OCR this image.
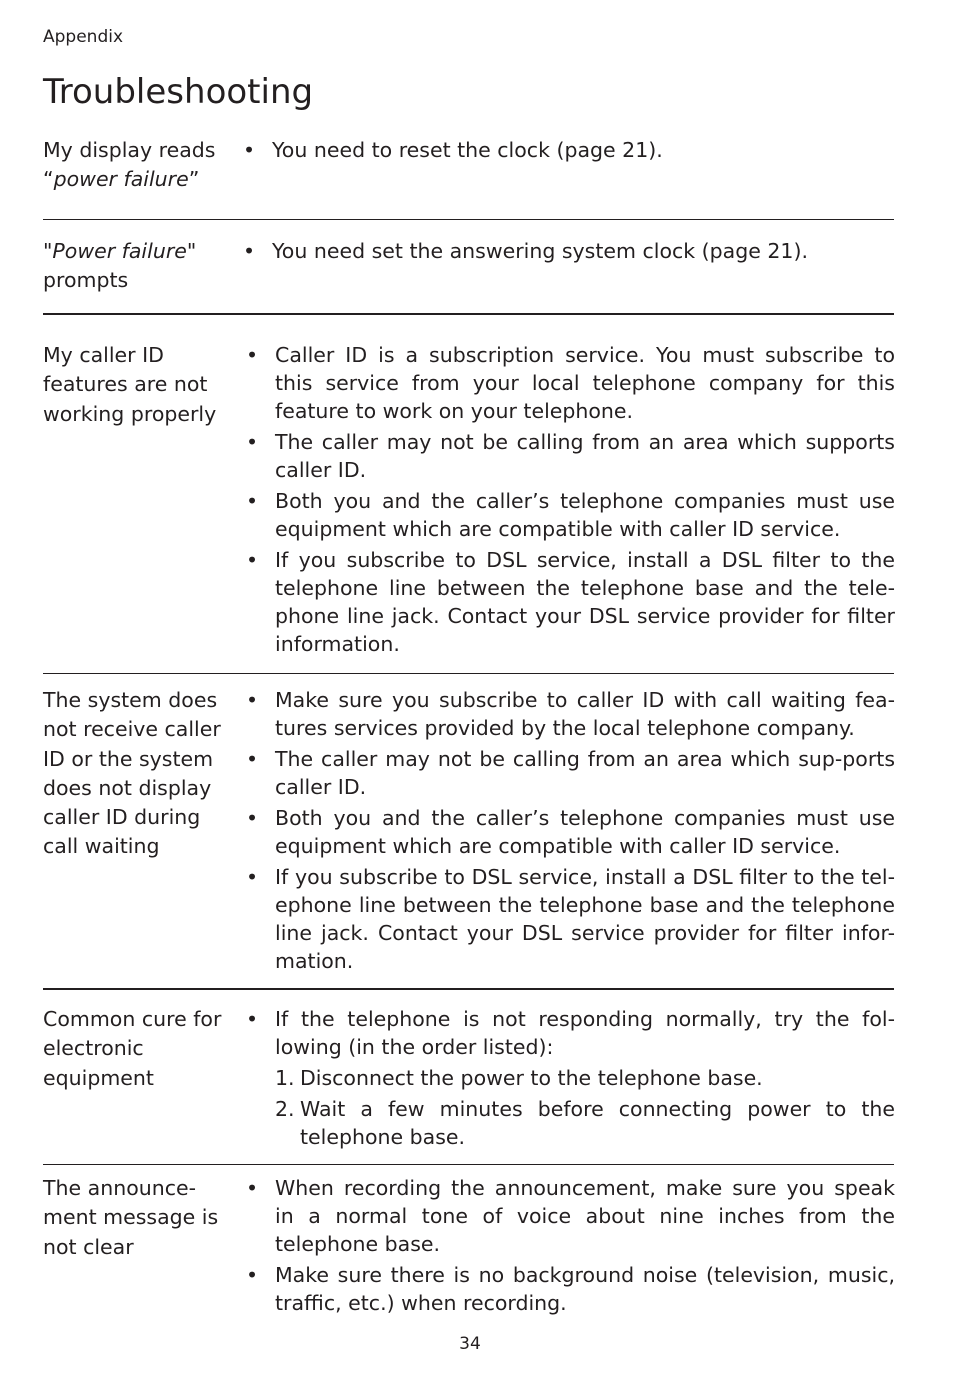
Appendix
Troubleshooting
My display reads
“power failure”
• You need to reset the clock (page 21).
"Power failure"
prompts
• You need set the answering system clock (page 21).
My caller ID features are not working properly
• Caller ID is a subscription service. You must subscribe to this service from your local telephone company for this feature to work on your telephone.
• The caller may not be calling from an area which supports caller ID.
• Both you and the caller’s telephone companies must use equipment which are compatible with caller ID service.
• If you subscribe to DSL service, install a DSL filter to the telephone line between the telephone base and the tele-phone line jack. Contact your DSL service provider for filter information.
The system does not receive caller ID or the system does not display caller ID during call waiting
• Make sure you subscribe to caller ID with call waiting fea-tures services provided by the local telephone company.
• The caller may not be calling from an area which sup-ports caller ID.
• Both you and the caller’s telephone companies must use equipment which are compatible with caller ID service.
• If you subscribe to DSL service, install a DSL filter to the tel-ephone line between the telephone base and the telephone line jack. Contact your DSL service provider for filter infor-mation.
Common cure for electronic equipment
• If the telephone is not responding normally, try the fol-lowing (in the order listed):
1. Disconnect the power to the telephone base.
2. Wait a few minutes before connecting power to the telephone base.
The announce-ment message is not clear
• When recording the announcement, make sure you speak in a normal tone of voice about nine inches from the telephone base.
• Make sure there is no background noise (television, music, traffic, etc.) when recording.
34
